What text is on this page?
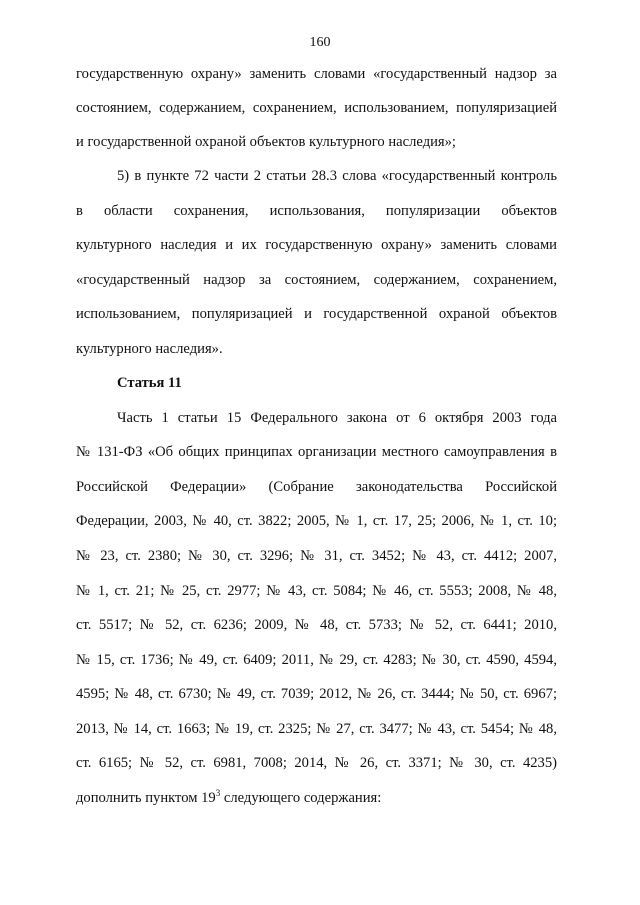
160
государственную охрану» заменить словами «государственный надзор за
состоянием, содержанием, сохранением, использованием, популяризацией
и государственной охраной объектов культурного наследия»;
5) в пункте 72 части 2 статьи 28.3 слова «государственный контроль
в области сохранения, использования, популяризации объектов
культурного наследия и их государственную охрану» заменить словами
«государственный надзор за состоянием, содержанием, сохранением,
использованием, популяризацией и государственной охраной объектов
культурного наследия».
Статья 11
Часть 1 статьи 15 Федерального закона от 6 октября 2003 года
№ 131-ФЗ «Об общих принципах организации местного самоуправления в
Российской Федерации» (Собрание законодательства Российской
Федерации, 2003, № 40, ст. 3822; 2005, № 1, ст. 17, 25; 2006, № 1, ст. 10;
№ 23, ст. 2380; № 30, ст. 3296; № 31, ст. 3452; № 43, ст. 4412; 2007,
№ 1, ст. 21; № 25, ст. 2977; № 43, ст. 5084; № 46, ст. 5553; 2008, № 48,
ст. 5517; № 52, ст. 6236; 2009, № 48, ст. 5733; № 52, ст. 6441; 2010,
№ 15, ст. 1736; № 49, ст. 6409; 2011, № 29, ст. 4283; № 30, ст. 4590, 4594,
4595; № 48, ст. 6730; № 49, ст. 7039; 2012, № 26, ст. 3444; № 50, ст. 6967;
2013, № 14, ст. 1663; № 19, ст. 2325; № 27, ст. 3477; № 43, ст. 5454; № 48,
ст. 6165; № 52, ст. 6981, 7008; 2014, № 26, ст. 3371; № 30, ст. 4235)
дополнить пунктом $19^3$ следующего содержания:
